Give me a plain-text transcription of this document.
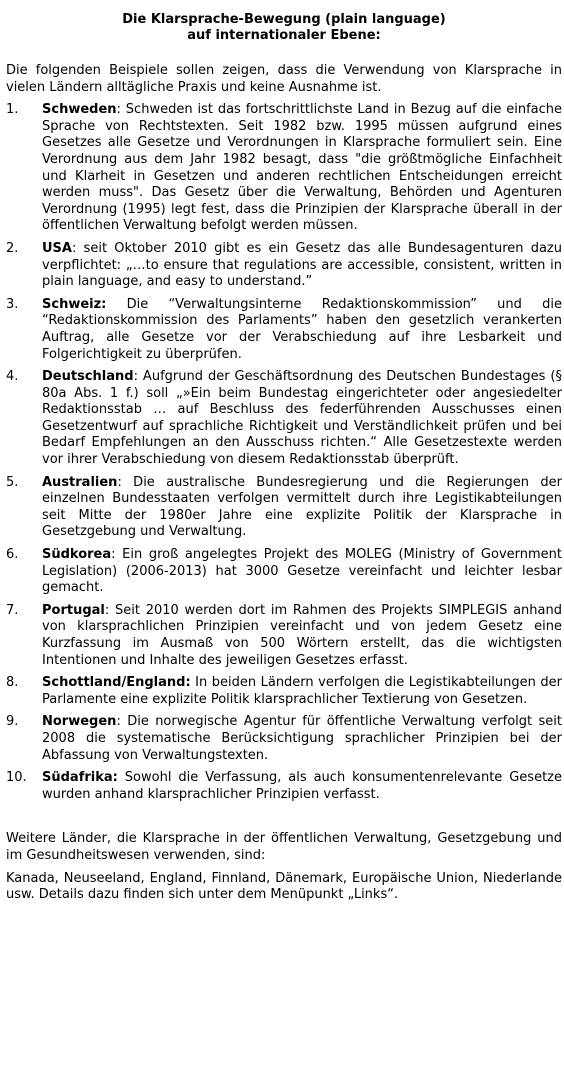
Die Klarsprache-Bewegung (plain language)
auf internationaler Ebene:

Die folgenden Beispiele sollen zeigen, dass die Verwendung von Klarsprache in vielen Ländern alltägliche Praxis und keine Ausnahme ist.

1.	Schweden: Schweden ist das fortschrittlichste Land in Bezug auf die einfache Sprache von Rechtstexten. Seit 1982 bzw. 1995 müssen aufgrund eines Gesetzes alle Gesetze und Verordnungen in Klarsprache formuliert sein. Eine Verordnung aus dem Jahr 1982 besagt, dass "die größtmögliche Einfachheit und Klarheit in Gesetzen und anderen rechtlichen Entscheidungen erreicht werden muss". Das Gesetz über die Verwaltung, Behörden und Agenturen Verordnung (1995) legt fest, dass die Prinzipien der Klarsprache überall in der öffentlichen Verwaltung befolgt werden müssen.
2.	USA: seit Oktober 2010 gibt es ein Gesetz das alle Bundesagenturen dazu verpflichtet: „…to ensure that regulations are accessible, consistent, written in plain language, and easy to understand.”
3.	Schweiz: Die “Verwaltungsinterne Redaktionskommission” und die “Redaktionskommission des Parlaments” haben den gesetzlich verankerten Auftrag, alle Gesetze vor der Verabschiedung auf ihre Lesbarkeit und Folgerichtigkeit zu überprüfen.
4.	Deutschland: Aufgrund der Geschäftsordnung des Deutschen Bundestages (§ 80a Abs. 1 f.) soll „»Ein beim Bundestag eingerichteter oder angesiedelter Redaktionsstab … auf Beschluss des federführenden Ausschusses einen Gesetzentwurf auf sprachliche Richtigkeit und Verständlichkeit prüfen und bei Bedarf Empfehlungen an den Ausschuss richten.“ Alle Gesetzestexte werden vor ihrer Verabschiedung von diesem Redaktionsstab überprüft.
5.	Australien: Die australische Bundesregierung und die Regierungen der einzelnen Bundesstaaten verfolgen vermittelt durch ihre Legistikabteilungen seit Mitte der 1980er Jahre eine explizite Politik der Klarsprache in Gesetzgebung und Verwaltung.
6.	Südkorea: Ein groß angelegtes Projekt des MOLEG (Ministry of Government Legislation) (2006-2013) hat 3000 Gesetze vereinfacht und leichter lesbar gemacht.
7.	Portugal: Seit 2010 werden dort im Rahmen des Projekts SIMPLEGIS anhand von klarsprachlichen Prinzipien vereinfacht und von jedem Gesetz eine Kurzfassung im Ausmaß von 500 Wörtern erstellt, das die wichtigsten Intentionen und Inhalte des jeweiligen Gesetzes erfasst.
8.	Schottland/England: In beiden Ländern verfolgen die Legistikabteilungen der Parlamente eine explizite Politik klarsprachlicher Textierung von Gesetzen.
9.	Norwegen: Die norwegische Agentur für öffentliche Verwaltung verfolgt seit 2008 die systematische Berücksichtigung sprachlicher Prinzipien bei der Abfassung von Verwaltungstexten.
10.	Südafrika: Sowohl die Verfassung, als auch konsumentenrelevante Gesetze wurden anhand klarsprachlicher Prinzipien verfasst.

Weitere Länder, die Klarsprache in der öffentlichen Verwaltung, Gesetzgebung und im Gesundheitswesen verwenden, sind:

Kanada, Neuseeland, England, Finnland, Dänemark, Europäische Union, Niederlande usw. Details dazu finden sich unter dem Menüpunkt „Links“.
